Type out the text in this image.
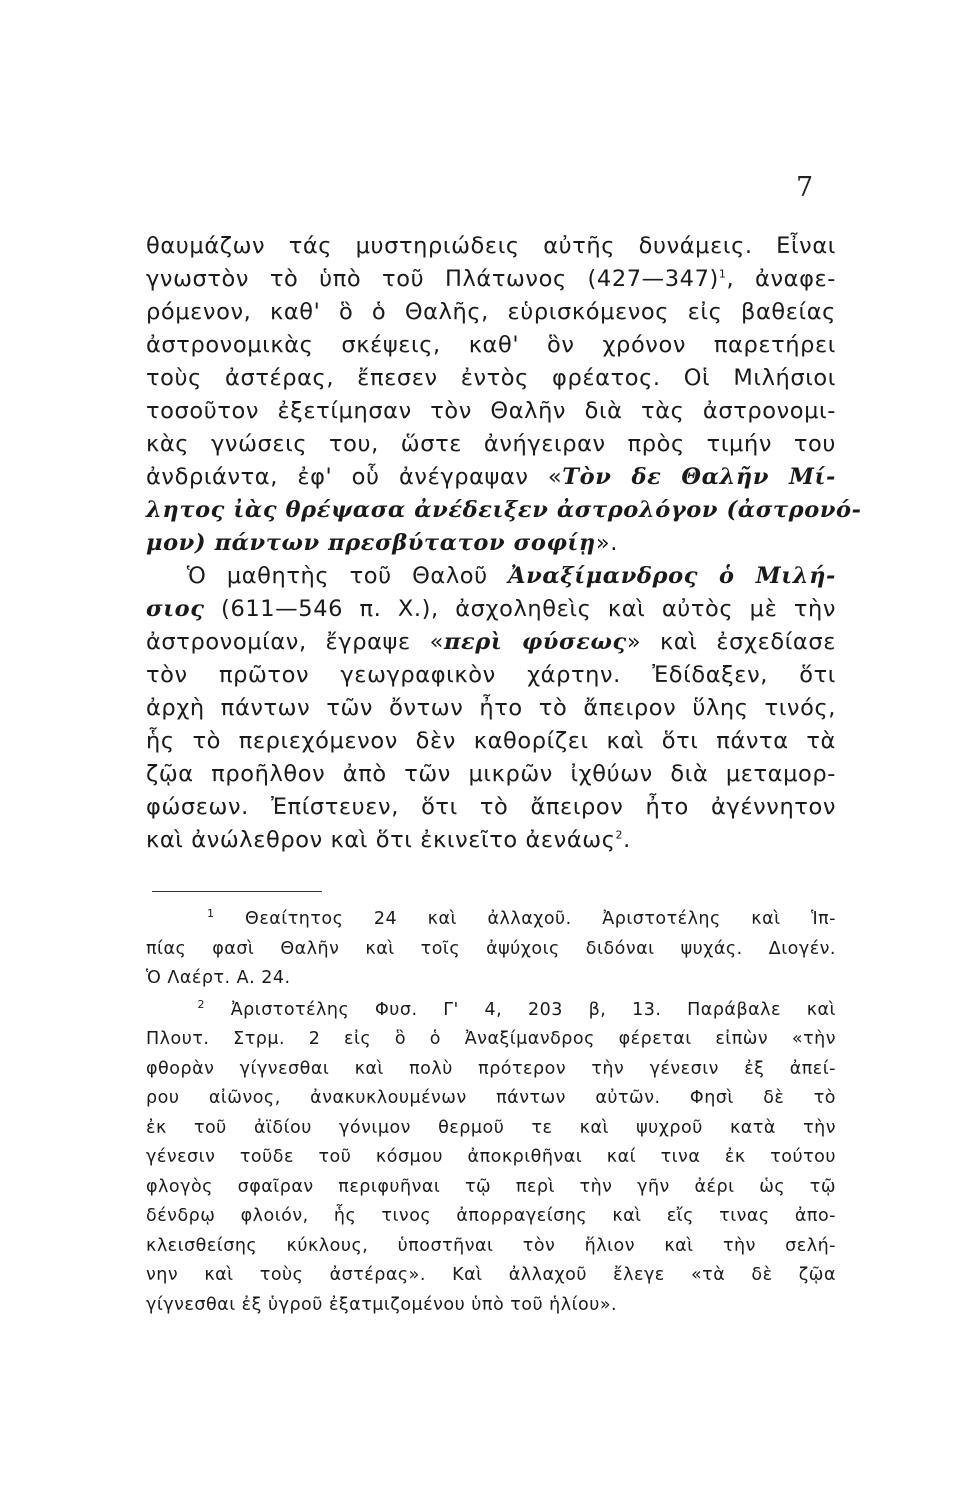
7
θαυμάζων τάς μυστηριώδεις αὐτῆς δυνάμεις. Εἶναι
γνωστὸν τὸ ὑπὸ τοῦ Πλάτωνος (427—347)$^1$, ἀναφε-
ρόμενον, καθ' ὃ ὁ Θαλῆς, εὑρισκόμενος εἰς βαθείας
ἀστρονομικὰς σκέψεις, καθ' ὃν χρόνον παρετήρει
τοὺς ἀστέρας, ἔπεσεν ἐντὸς φρέατος. Οἱ Μιλήσιοι
τοσοῦτον ἐξετίμησαν τὸν Θαλῆν διὰ τὰς ἀστρονομι-
κὰς γνώσεις του, ὥστε ἀνήγειραν πρὸς τιμήν του
ἀνδριάντα, ἐφ' οὗ ἀνέγραψαν «Τὸν δε Θαλῆν Μί-
λητος ἰὰς θρέψασα ἀνέδειξεν ἀστρολόγον (ἀστρονό-
μον) πάντων πρεσβύτατον σοφίῃ».
Ὁ μαθητὴς τοῦ Θαλοῦ Ἀναξίμανδρος ὁ Μιλή-
σιος (611—546 π. Χ.), ἀσχοληθεὶς καὶ αὐτὸς μὲ τὴν
ἀστρονομίαν, ἔγραψε «περὶ φύσεως» καὶ ἐσχεδίασε
τὸν πρῶτον γεωγραφικὸν χάρτην. Ἐδίδαξεν, ὅτι
ἀρχὴ πάντων τῶν ὄντων ἦτο τὸ ἄπειρον ὕλης τινός,
ἧς τὸ περιεχόμενον δὲν καθορίζει καὶ ὅτι πάντα τὰ
ζῷα προῆλθον ἀπὸ τῶν μικρῶν ἰχθύων διὰ μεταμορ-
φώσεων. Ἐπίστευεν, ὅτι τὸ ἄπειρον ἦτο ἀγέννητον
καὶ ἀνώλεθρον καὶ ὅτι ἐκινεῖτο ἀενάως$^2$.
$^1$ Θεαίτητος 24 καὶ ἀλλαχοῦ. Ἀριστοτέλης καὶ Ἱπ-
πίας φασὶ Θαλῆν καὶ τοῖς ἀψύχοις διδόναι ψυχάς. Διογέν.
Ὁ Λαέρτ. Α. 24.
$^2$ Ἀριστοτέλης Φυσ. Γ' 4, 203 β, 13. Παράβαλε καὶ
Πλουτ. Στρμ. 2 εἰς ὃ ὁ Ἀναξίμανδρος φέρεται εἰπὼν «τὴν
φθορὰν γίγνεσθαι καὶ πολὺ πρότερον τὴν γένεσιν ἐξ ἀπεί-
ρου αἰῶνος, ἀνακυκλουμένων πάντων αὐτῶν. Φησὶ δὲ τὸ
ἐκ τοῦ ἀϊδίου γόνιμον θερμοῦ τε καὶ ψυχροῦ κατὰ τὴν
γένεσιν τοῦδε τοῦ κόσμου ἀποκριθῆναι καί τινα ἐκ τούτου
φλογὸς σφαῖραν περιφυῆναι τῷ περὶ τὴν γῆν ἀέρι ὡς τῷ
δένδρῳ φλοιόν, ἧς τινος ἀπορραγείσης καὶ εἴς τινας ἀπο-
κλεισθείσης κύκλους, ὑποστῆναι τὸν ἥλιον καὶ τὴν σελή-
νην καὶ τοὺς ἀστέρας». Καὶ ἀλλαχοῦ ἔλεγε «τὰ δὲ ζῷα
γίγνεσθαι ἐξ ὑγροῦ ἐξατμιζομένου ὑπὸ τοῦ ἡλίου».
